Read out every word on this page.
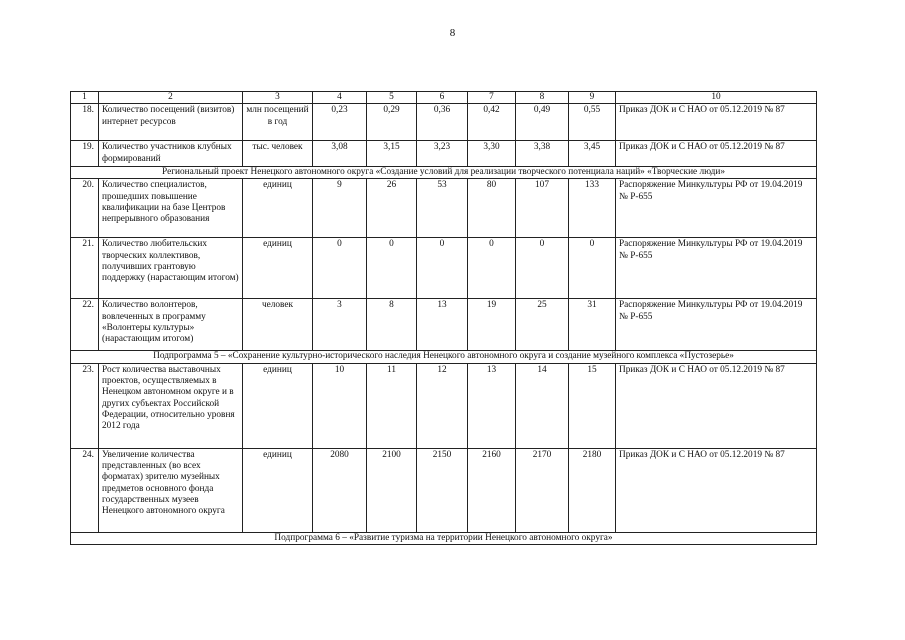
8
1	2	3	4	5	6	7	8	9	10
18.	Количество посещений (визитов) интернет ресурсов	млн посещений в год	0,23	0,29	0,36	0,42	0,49	0,55	Приказ ДОК и С НАО от 05.12.2019 № 87
19.	Количество участников клубных формирований	тыс. человек	3,08	3,15	3,23	3,30	3,38	3,45	Приказ ДОК и С НАО от 05.12.2019 № 87
Региональный проект Ненецкого автономного округа «Создание условий для реализации творческого потенциала наций» «Творческие люди»									
20.	Количество специалистов, прошедших повышение квалификации на базе Центров непрерывного образования	единиц	9	26	53	80	107	133	Распоряжение Минкультуры РФ от 19.04.2019 № Р-655
21.	Количество любительских творческих коллективов, получивших грантовую поддержку (нарастающим итогом)	единиц	0	0	0	0	0	0	Распоряжение Минкультуры РФ от 19.04.2019 № Р-655
22.	Количество волонтеров, вовлеченных в программу «Волонтеры культуры» (нарастающим итогом)	человек	3	8	13	19	25	31	Распоряжение Минкультуры РФ от 19.04.2019 № Р-655
Подпрограмма 5 – «Сохранение культурно-исторического наследия Ненецкого автономного округа и создание музейного комплекса «Пустозерье»									
23.	Рост количества выставочных проектов, осуществляемых в Ненецком автономном округе и в других субъектах Российской Федерации, относительно уровня 2012 года	единиц	10	11	12	13	14	15	Приказ ДОК и С НАО от 05.12.2019 № 87
24.	Увеличение количества представленных (во всех форматах) зрителю музейных предметов основного фонда государственных музеев Ненецкого автономного округа	единиц	2080	2100	2150	2160	2170	2180	Приказ ДОК и С НАО от 05.12.2019 № 87
Подпрограмма 6 – «Развитие туризма на территории Ненецкого автономного округа»									
